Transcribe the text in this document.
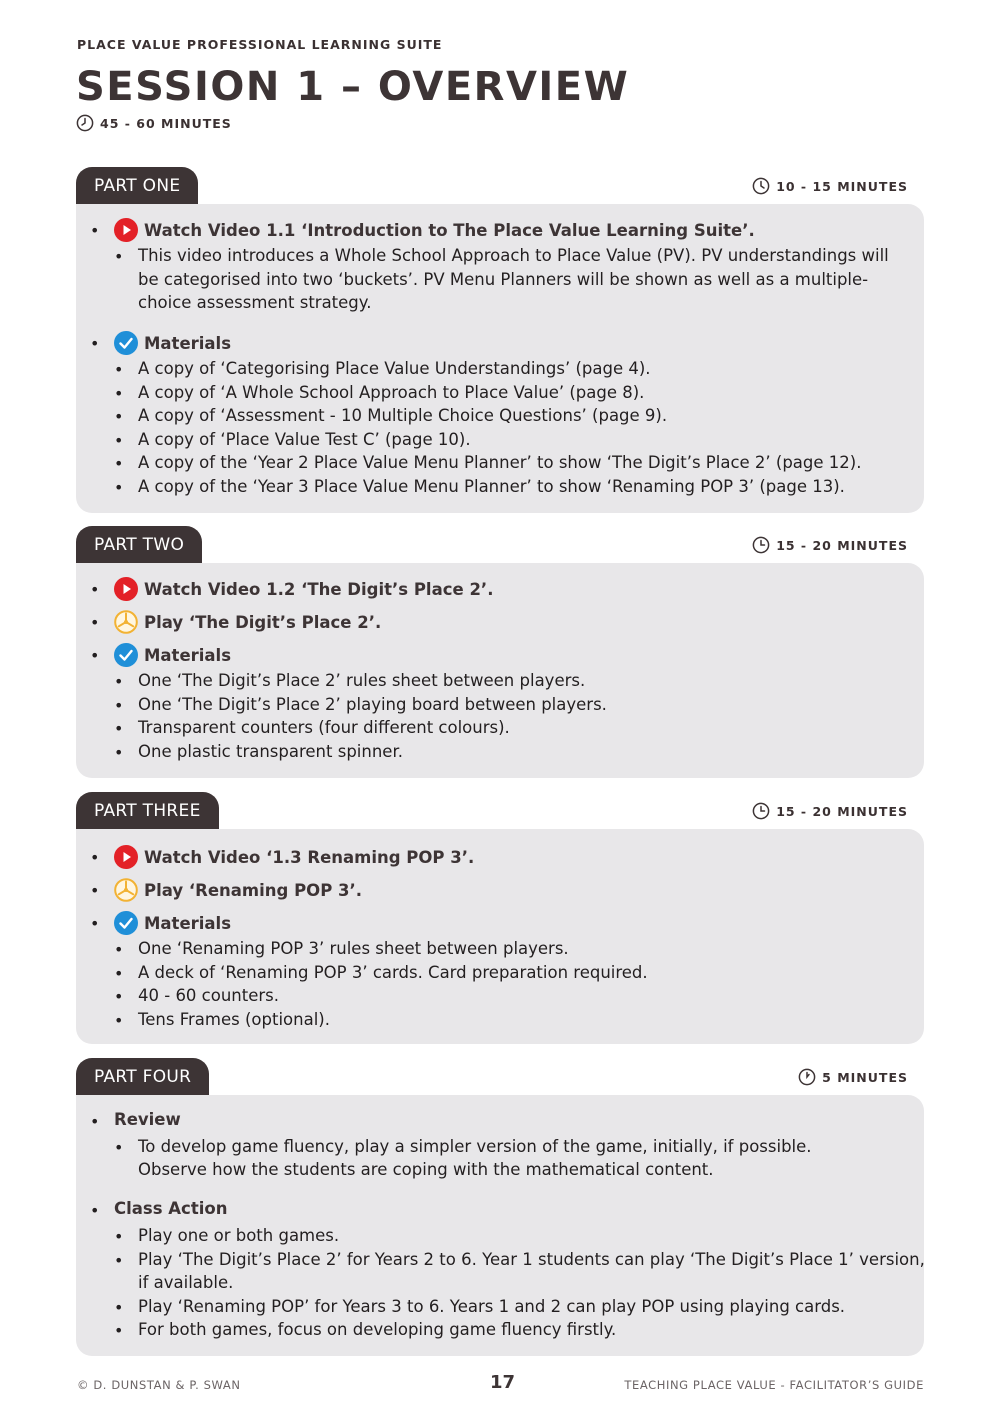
PLACE VALUE PROFESSIONAL LEARNING SUITE
SESSION 1 – OVERVIEW
45 - 60 MINUTES
PART ONE	10 - 15 MINUTES
•	Watch Video 1.1 ‘Introduction to The Place Value Learning Suite’.
• This video introduces a Whole School Approach to Place Value (PV). PV understandings will
be categorised into two ‘buckets’. PV Menu Planners will be shown as well as a multiple-
choice assessment strategy.
•	Materials
• A copy of ‘Categorising Place Value Understandings’ (page 4).
• A copy of ‘A Whole School Approach to Place Value’ (page 8).
• A copy of ‘Assessment - 10 Multiple Choice Questions’ (page 9).
• A copy of ‘Place Value Test C’ (page 10).
• A copy of the ‘Year 2 Place Value Menu Planner’ to show ‘The Digit’s Place 2’ (page 12).
• A copy of the ‘Year 3 Place Value Menu Planner’ to show ‘Renaming POP 3’ (page 13).
PART TWO	15 - 20 MINUTES
•	Watch Video 1.2 ‘The Digit’s Place 2’.
•	Play ‘The Digit’s Place 2’.
•	Materials
• One ‘The Digit’s Place 2’ rules sheet between players.
• One ‘The Digit’s Place 2’ playing board between players.
• Transparent counters (four different colours).
• One plastic transparent spinner.
PART THREE	15 - 20 MINUTES
•	Watch Video ‘1.3 Renaming POP 3’.
•	Play ‘Renaming POP 3’.
•	Materials
• One ‘Renaming POP 3’ rules sheet between players.
• A deck of ‘Renaming POP 3’ cards. Card preparation required.
• 40 - 60 counters.
• Tens Frames (optional).
PART FOUR	5 MINUTES
• Review
• To develop game fluency, play a simpler version of the game, initially, if possible.
Observe how the students are coping with the mathematical content.
• Class Action
• Play one or both games.
• Play ‘The Digit’s Place 2’ for Years 2 to 6. Year 1 students can play ‘The Digit’s Place 1’ version,
if available.
• Play ‘Renaming POP’ for Years 3 to 6. Years 1 and 2 can play POP using playing cards.
• For both games, focus on developing game fluency firstly.
© D. DUNSTAN & P. SWAN	17	TEACHING PLACE VALUE - FACILITATOR’S GUIDE
